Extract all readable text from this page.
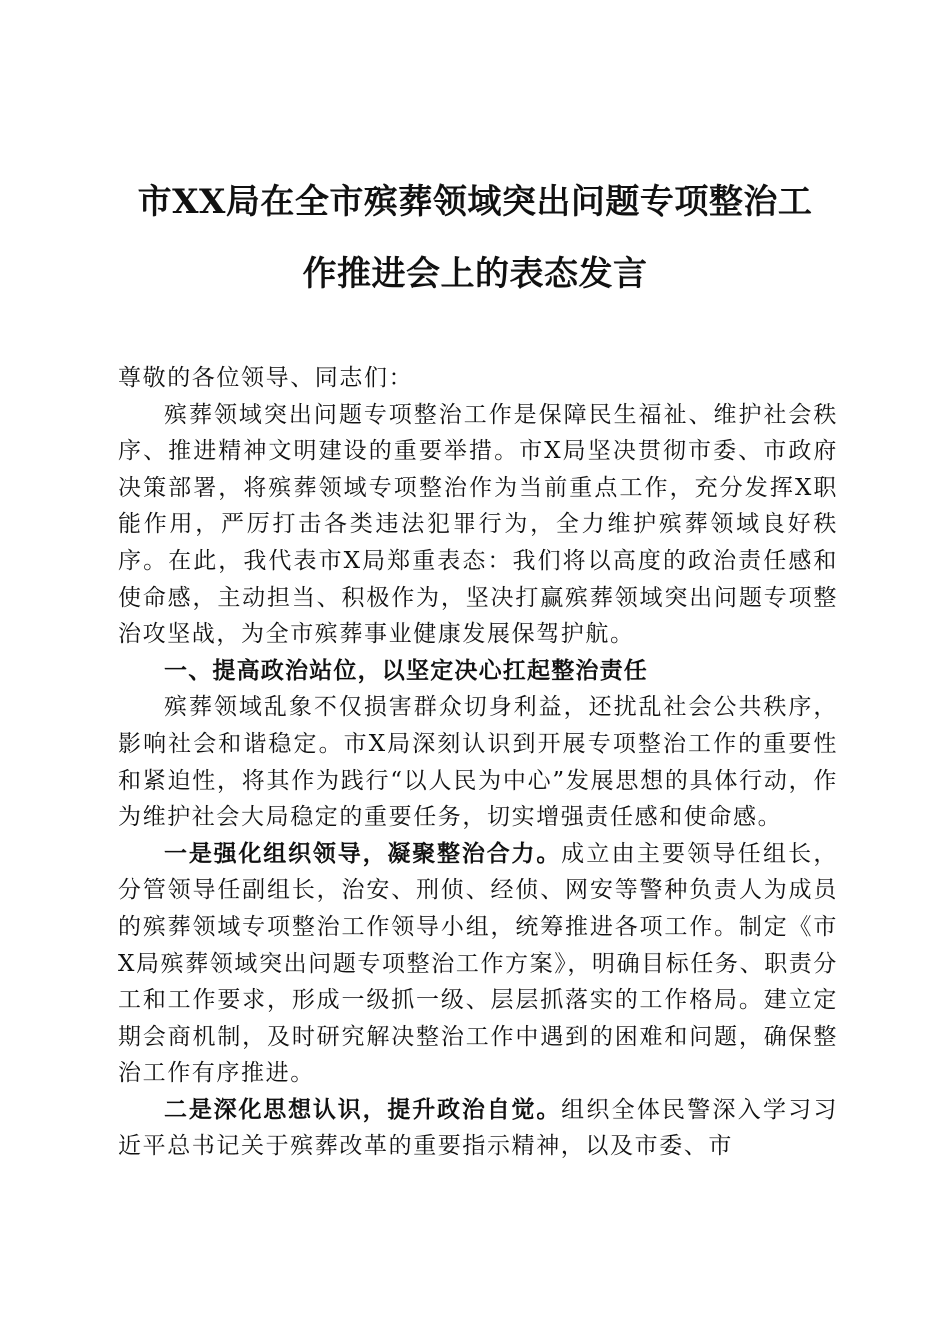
市XX局在全市殡葬领域突出问题专项整治工
作推进会上的表态发言

尊敬的各位领导、同志们：

殡葬领域突出问题专项整治工作是保障民生福祉、维护社会秩序、推进精神文明建设的重要举措。市X局坚决贯彻市委、市政府决策部署，将殡葬领域专项整治作为当前重点工作，充分发挥X职能作用，严厉打击各类违法犯罪行为，全力维护殡葬领域良好秩序。在此，我代表市X局郑重表态：我们将以高度的政治责任感和使命感，主动担当、积极作为，坚决打赢殡葬领域突出问题专项整治攻坚战，为全市殡葬事业健康发展保驾护航。

一、提高政治站位，以坚定决心扛起整治责任

殡葬领域乱象不仅损害群众切身利益，还扰乱社会公共秩序，影响社会和谐稳定。市X局深刻认识到开展专项整治工作的重要性和紧迫性，将其作为践行“以人民为中心”发展思想的具体行动，作为维护社会大局稳定的重要任务，切实增强责任感和使命感。

一是强化组织领导，凝聚整治合力。成立由主要领导任组长，分管领导任副组长，治安、刑侦、经侦、网安等警种负责人为成员的殡葬领域专项整治工作领导小组，统筹推进各项工作。制定《市X局殡葬领域突出问题专项整治工作方案》，明确目标任务、职责分工和工作要求，形成一级抓一级、层层抓落实的工作格局。建立定期会商机制，及时研究解决整治工作中遇到的困难和问题，确保整治工作有序推进。

二是深化思想认识，提升政治自觉。组织全体民警深入学习习近平总书记关于殡葬改革的重要指示精神，以及市委、市
